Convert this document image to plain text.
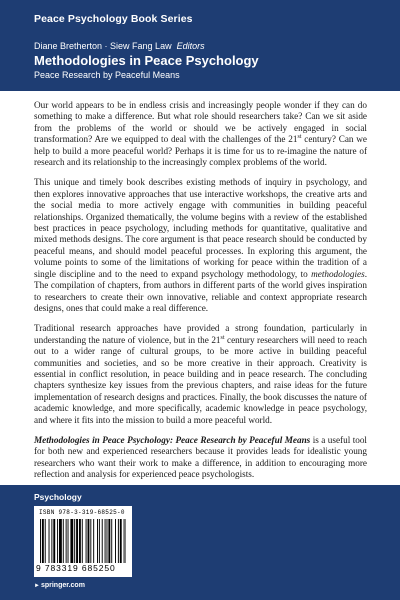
Peace Psychology Book Series
Diane Bretherton · Siew Fang Law Editors
Methodologies in Peace Psychology
Peace Research by Peaceful Means

Our world appears to be in endless crisis and increasingly people wonder if they can do something to make a difference. But what role should researchers take? Can we sit aside from the problems of the world or should we be actively engaged in social transformation? Are we equipped to deal with the challenges of the 21st century? Can we help to build a more peaceful world? Perhaps it is time for us to re-imagine the nature of research and its relationship to the increasingly complex problems of the world.

This unique and timely book describes existing methods of inquiry in psychology, and then explores innovative approaches that use interactive workshops, the creative arts and the social media to more actively engage with communities in building peaceful relationships. Organized thematically, the volume begins with a review of the established best practices in peace psychology, including methods for quantitative, qualitative and mixed methods designs. The core argument is that peace research should be conducted by peaceful means, and should model peaceful processes. In exploring this argument, the volume points to some of the limitations of working for peace within the tradition of a single discipline and to the need to expand psychology methodology, to methodologies. The compilation of chapters, from authors in different parts of the world gives inspiration to researchers to create their own innovative, reliable and context appropriate research designs, ones that could make a real difference.

Traditional research approaches have provided a strong foundation, particularly in understanding the nature of violence, but in the 21st century researchers will need to reach out to a wider range of cultural groups, to be more active in building peaceful communities and societies, and so be more creative in their approach. Creativity is essential in conflict resolution, in peace building and in peace research. The concluding chapters synthesize key issues from the previous chapters, and raise ideas for the future implementation of research designs and practices. Finally, the book discusses the nature of academic knowledge, and more specifically, academic knowledge in peace psychology, and where it fits into the mission to build a more peaceful world.

Methodologies in Peace Psychology: Peace Research by Peaceful Means is a useful tool for both new and experienced researchers because it provides leads for idealistic young researchers who want their work to make a difference, in addition to encouraging more reflection and analysis for experienced peace psychologists.

Psychology
ISBN 978-3-319-68525-0
9 783319 685250
►springer.com
